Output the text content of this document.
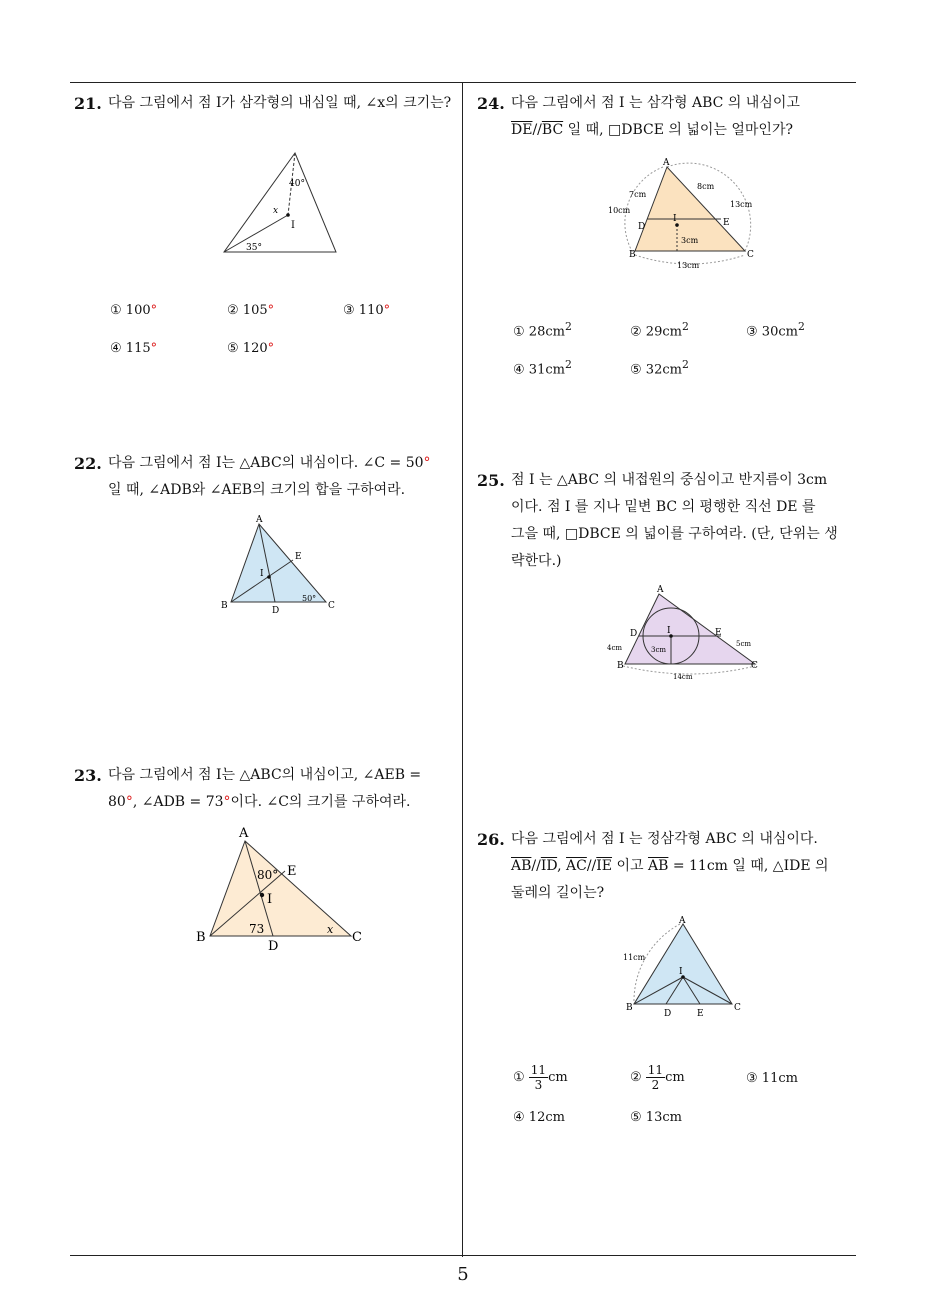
5
21. 다음 그림에서 점 I가 삼각형의 내심일 때, ∠x의 크기는?
40°
35°
x
I
① 100°	② 105°	③ 110°
④ 115°	⑤ 120°
22. 다음 그림에서 점 I는 △ABC의 내심이다. ∠C = 50°
일 때, ∠ADB와 ∠AEB의 크기의 합을 구하여라.
A
B	C
D
E
I
50°
23. 다음 그림에서 점 I는 △ABC의 내심이고, ∠AEB =
80°, ∠ADB = 73°이다. ∠C의 크기를 구하여라.
A
B	C
D
E
I
80°
73	x
24. 다음 그림에서 점 I 는 삼각형 ABC 의 내심이고
$\overline{DE}//\overline{BC}$ 일 때, □DBCE 의 넓이는 얼마인가?
A
B	C
D	E
I
7cm
8cm
10cm
13cm
3cm
13cm
① $28cm^2$	② $29cm^2$	③ $30cm^2$
④ $31cm^2$	⑤ $32cm^2$
25. 점 I 는 △ABC 의 내접원의 중심이고 반지름이 3cm
이다. 점 I 를 지나 밑변 BC 의 평행한 직선 DE 를
그을 때, □DBCE 의 넓이를 구하여라. (단, 단위는 생
략한다.)
A
B	C
D	E
I
4cm	5cm
3cm
14cm
26. 다음 그림에서 점 I 는 정삼각형 ABC 의 내심이다.
$\overline{AB}//\overline{ID}$, $\overline{AC}//\overline{IE}$ 이고 $\overline{AB} = 11cm$ 일 때, △IDE 의
둘레의 길이는?
A
B	C
D	E
I
11cm
① $\frac{11}{3}$ cm	② $\frac{11}{2}$ cm	③ 11cm
④ 12cm	⑤ 13cm
